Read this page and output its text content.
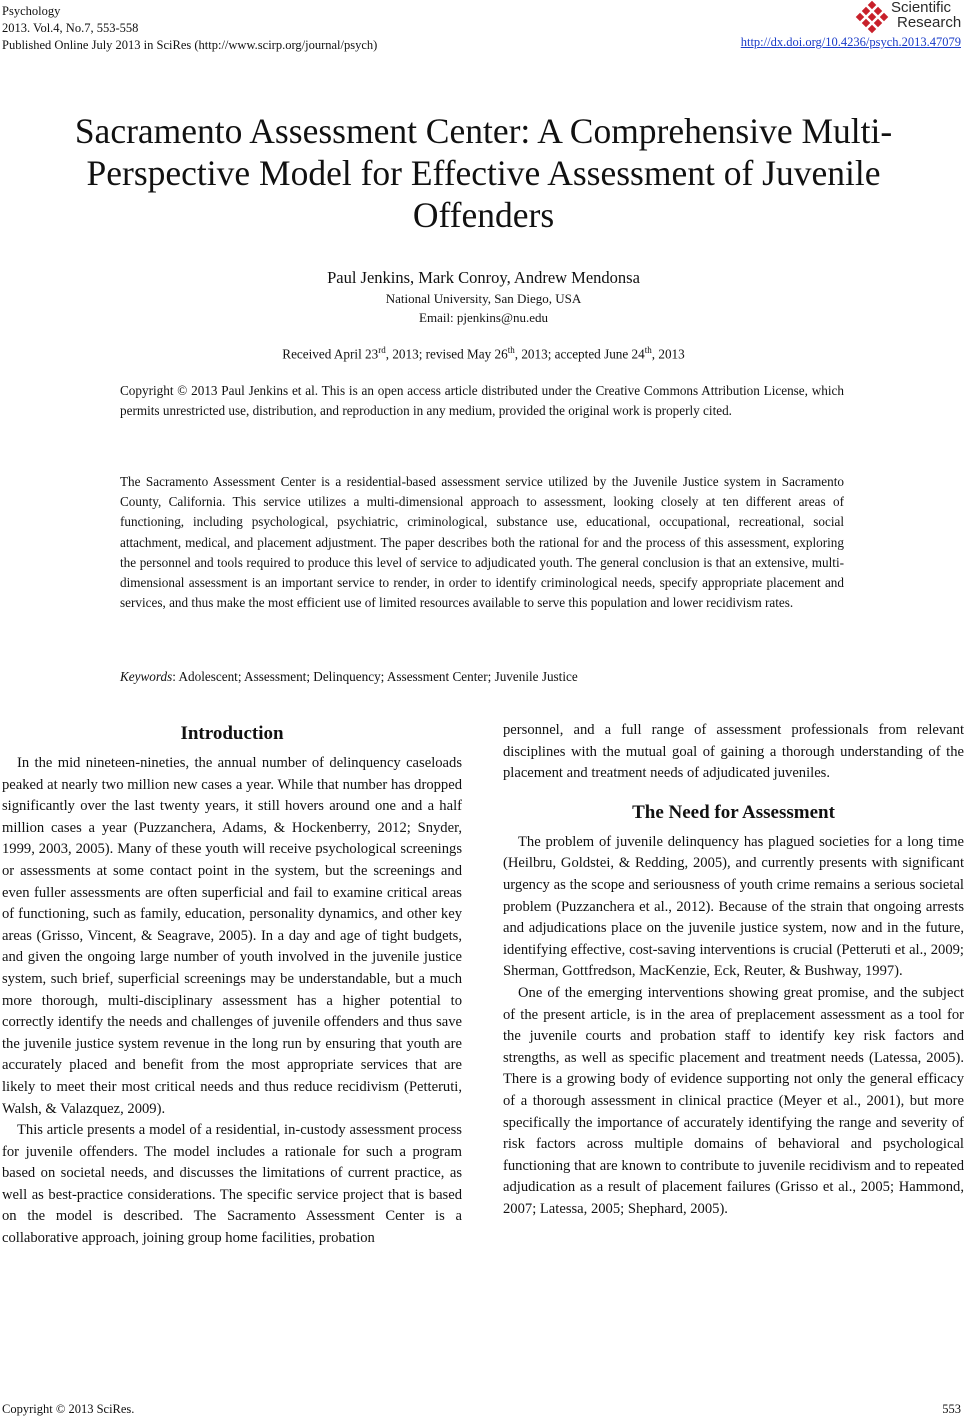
Psychology
2013. Vol.4, No.7, 553-558
Published Online July 2013 in SciRes (http://www.scirp.org/journal/psych)
Scientific
Research
http://dx.doi.org/10.4236/psych.2013.47079
Sacramento Assessment Center: A Comprehensive Multi-Perspective Model for Effective Assessment of Juvenile Offenders
Paul Jenkins, Mark Conroy, Andrew Mendonsa
National University, San Diego, USA
Email: pjenkins@nu.edu
Received April 23rd, 2013; revised May 26th, 2013; accepted June 24th, 2013
Copyright © 2013 Paul Jenkins et al. This is an open access article distributed under the Creative Commons Attribution License, which permits unrestricted use, distribution, and reproduction in any medium, provided the original work is properly cited.
The Sacramento Assessment Center is a residential-based assessment service utilized by the Juvenile Justice system in Sacramento County, California. This service utilizes a multi-dimensional approach to assessment, looking closely at ten different areas of functioning, including psychological, psychiatric, criminological, substance use, educational, occupational, recreational, social attachment, medical, and placement adjustment. The paper describes both the rational for and the process of this assessment, exploring the personnel and tools required to produce this level of service to adjudicated youth. The general conclusion is that an extensive, multi-dimensional assessment is an important service to render, in order to identify criminological needs, specify appropriate placement and services, and thus make the most efficient use of limited resources available to serve this population and lower recidivism rates.
Keywords: Adolescent; Assessment; Delinquency; Assessment Center; Juvenile Justice
Introduction

In the mid nineteen-nineties, the annual number of delinquency caseloads peaked at nearly two million new cases a year. While that number has dropped significantly over the last twenty years, it still hovers around one and a half million cases a year (Puzzanchera, Adams, & Hockenberry, 2012; Snyder, 1999, 2003, 2005). Many of these youth will receive psychological screenings or assessments at some contact point in the system, but the screenings and even fuller assessments are often superficial and fail to examine critical areas of functioning, such as family, education, personality dynamics, and other key areas (Grisso, Vincent, & Seagrave, 2005). In a day and age of tight budgets, and given the ongoing large number of youth involved in the juvenile justice system, such brief, superficial screenings may be understandable, but a much more thorough, multi-disciplinary assessment has a higher potential to correctly identify the needs and challenges of juvenile offenders and thus save the juvenile justice system revenue in the long run by ensuring that youth are accurately placed and benefit from the most appropriate services that are likely to meet their most critical needs and thus reduce recidivism (Petteruti, Walsh, & Valazquez, 2009).

This article presents a model of a residential, in-custody assessment process for juvenile offenders. The model includes a rationale for such a program based on societal needs, and discusses the limitations of current practice, as well as best-practice considerations. The specific service project that is based on the model is described. The Sacramento Assessment Center is a collaborative approach, joining group home facilities, probation

personnel, and a full range of assessment professionals from relevant disciplines with the mutual goal of gaining a thorough understanding of the placement and treatment needs of adjudicated juveniles.

The Need for Assessment

The problem of juvenile delinquency has plagued societies for a long time (Heilbru, Goldstei, & Redding, 2005), and currently presents with significant urgency as the scope and seriousness of youth crime remains a serious societal problem (Puzzanchera et al., 2012). Because of the strain that ongoing arrests and adjudications place on the juvenile justice system, now and in the future, identifying effective, cost-saving interventions is crucial (Petteruti et al., 2009; Sherman, Gottfredson, MacKenzie, Eck, Reuter, & Bushway, 1997).

One of the emerging interventions showing great promise, and the subject of the present article, is in the area of preplacement assessment as a tool for the juvenile courts and probation staff to identify key risk factors and strengths, as well as specific placement and treatment needs (Latessa, 2005). There is a growing body of evidence supporting not only the general efficacy of a thorough assessment in clinical practice (Meyer et al., 2001), but more specifically the importance of accurately identifying the range and severity of risk factors across multiple domains of behavioral and psychological functioning that are known to contribute to juvenile recidivism and to repeated adjudication as a result of placement failures (Grisso et al., 2005; Hammond, 2007; Latessa, 2005; Shephard, 2005).

Copyright © 2013 SciRes.	553
